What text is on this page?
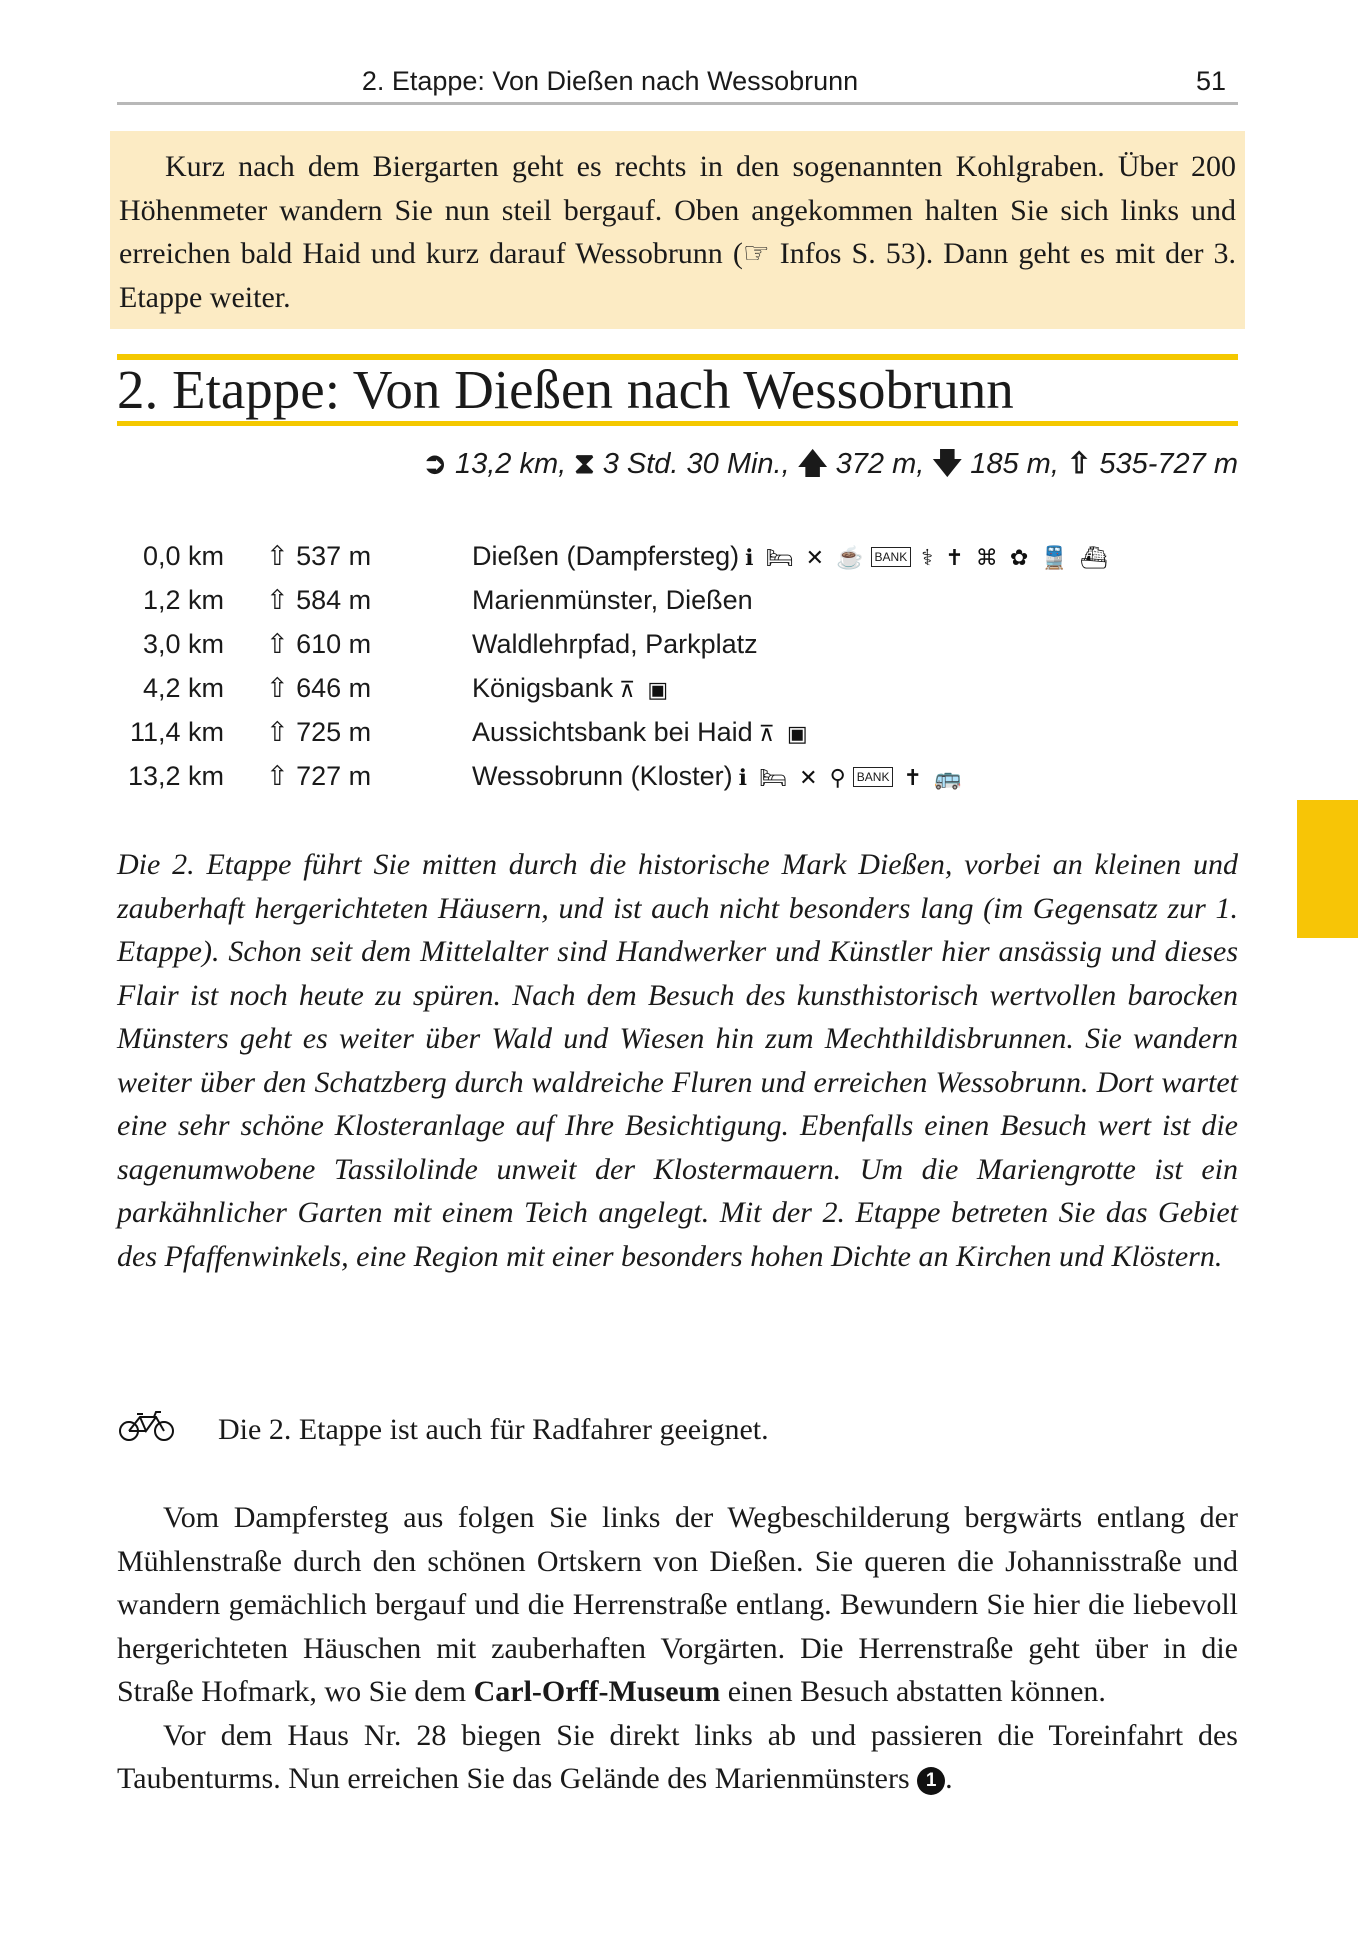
2. Etappe: Von Dießen nach Wessobrunn	51

Kurz nach dem Biergarten geht es rechts in den sogenannten Kohlgraben. Über 200 Höhenmeter wandern Sie nun steil bergauf. Oben angekommen halten Sie sich links und erreichen bald Haid und kurz darauf Wessobrunn (☞ Infos S. 53). Dann geht es mit der 3. Etappe weiter.

2. Etappe: Von Dießen nach Wessobrunn
➲ 13,2 km, ⧗ 3 Std. 30 Min., 🡅 372 m, 🡇 185 m, ⇧ 535-727 m
0,0 km	⇧ 537 m	Dießen (Dampfersteg) ℹ 🛏 ✕ ☕ BANK ⚕ ✝ ⌘ ✿ 🚆 ⛴
1,2 km	⇧ 584 m	Marienmünster, Dießen
3,0 km	⇧ 610 m	Waldlehrpfad, Parkplatz
4,2 km	⇧ 646 m	Königsbank ⊼ ▣
11,4 km	⇧ 725 m	Aussichtsbank bei Haid ⊼ ▣
13,2 km	⇧ 727 m	Wessobrunn (Kloster) ℹ 🛏 ✕ ⚲ BANK ✝ 🚌

Die 2. Etappe führt Sie mitten durch die historische Mark Dießen, vorbei an kleinen und zauberhaft hergerichteten Häusern, und ist auch nicht besonders lang (im Gegensatz zur 1. Etappe). Schon seit dem Mittelalter sind Handwerker und Künstler hier ansässig und dieses Flair ist noch heute zu spüren. Nach dem Besuch des kunsthistorisch wertvollen barocken Münsters geht es weiter über Wald und Wiesen hin zum Mechthildisbrunnen. Sie wandern weiter über den Schatzberg durch waldreiche Fluren und erreichen Wessobrunn. Dort wartet eine sehr schöne Klosteranlage auf Ihre Besichtigung. Ebenfalls einen Besuch wert ist die sagenumwobene Tassilolinde unweit der Klostermauern. Um die Mariengrotte ist ein parkähnlicher Garten mit einem Teich angelegt. Mit der 2. Etappe betreten Sie das Gebiet des Pfaffenwinkels, eine Region mit einer besonders hohen Dichte an Kirchen und Klöstern.

Die 2. Etappe ist auch für Radfahrer geeignet.

Vom Dampfersteg aus folgen Sie links der Wegbeschilderung bergwärts entlang der Mühlenstraße durch den schönen Ortskern von Dießen. Sie queren die Johannisstraße und wandern gemächlich bergauf und die Herrenstraße entlang. Bewundern Sie hier die liebevoll hergerichteten Häuschen mit zauberhaften Vorgärten. Die Herrenstraße geht über in die Straße Hofmark, wo Sie dem Carl-Orff-Museum einen Besuch abstatten können.

Vor dem Haus Nr. 28 biegen Sie direkt links ab und passieren die Toreinfahrt des Taubenturms. Nun erreichen Sie das Gelände des Marienmünsters 1 .
